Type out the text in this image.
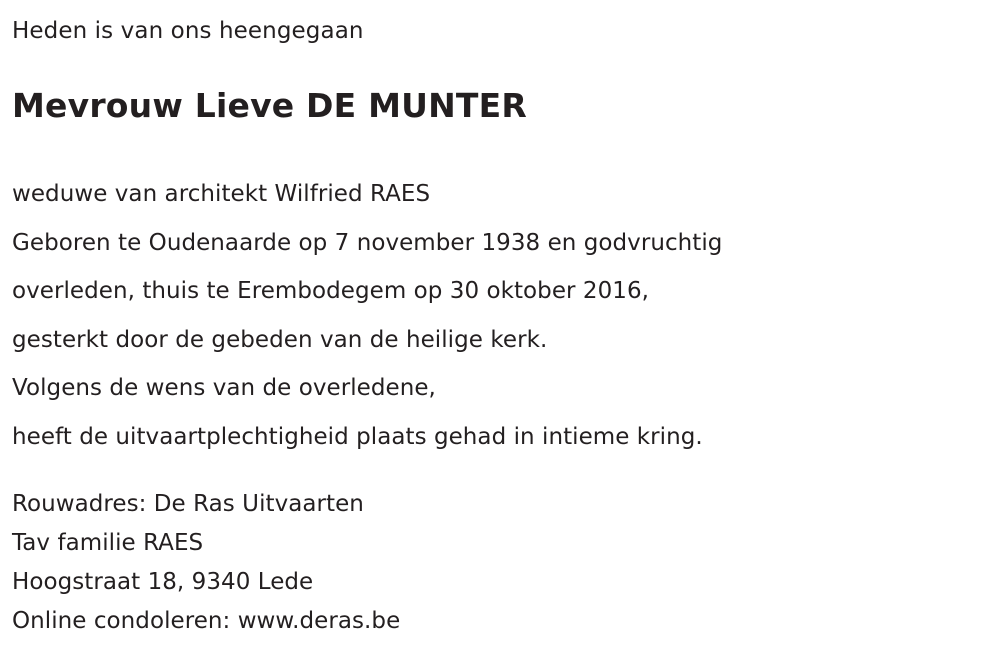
Heden is van ons heengegaan
Mevrouw Lieve DE MUNTER
weduwe van architekt Wilfried RAES
Geboren te Oudenaarde op 7 november 1938 en godvruchtig
overleden, thuis te Erembodegem op 30 oktober 2016,
gesterkt door de gebeden van de heilige kerk.
Volgens de wens van de overledene,
heeft de uitvaartplechtigheid plaats gehad in intieme kring.
Rouwadres: De Ras Uitvaarten
Tav familie RAES
Hoogstraat 18, 9340 Lede
Online condoleren: www.deras.be
